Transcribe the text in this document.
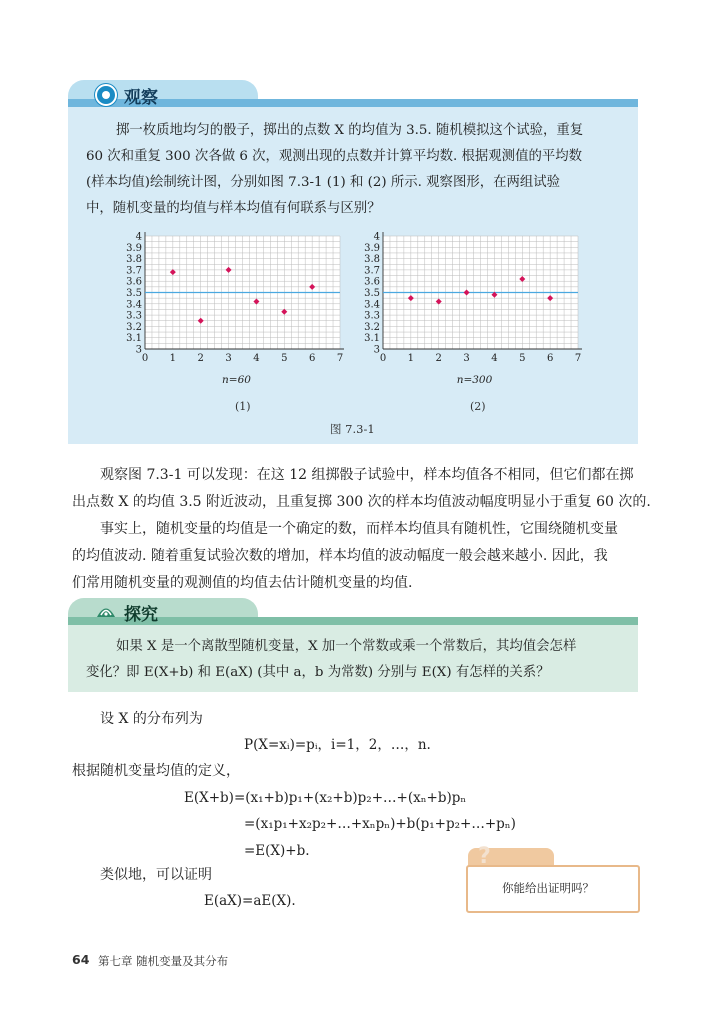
观察
掷一枚质地均匀的骰子，掷出的点数 X 的均值为 3.5. 随机模拟这个试验，重复
60 次和重复 300 次各做 6 次，观测出现的点数并计算平均数. 根据观测值的平均数
(样本均值)绘制统计图，分别如图 7.3-1 (1) 和 (2) 所示. 观察图形，在两组试验
中，随机变量的均值与样本均值有何联系与区别？
3
3.1
3.2
3.3
3.4
3.5
3.6
3.7
3.8
3.9
4
0 1 2 3 4 5 6 7
n=60
3
3.1
3.2
3.3
3.4
3.5
3.6
3.7
3.8
3.9
4
0 1 2 3 4 5 6 7
n=300
(1)	(2)
图 7.3-1
观察图 7.3-1 可以发现：在这 12 组掷骰子试验中，样本均值各不相同，但它们都在掷
出点数 X 的均值 3.5 附近波动，且重复掷 300 次的样本均值波动幅度明显小于重复 60 次的.
事实上，随机变量的均值是一个确定的数，而样本均值具有随机性，它围绕随机变量
的均值波动. 随着重复试验次数的增加，样本均值的波动幅度一般会越来越小. 因此，我
们常用随机变量的观测值的均值去估计随机变量的均值.
探究
如果 X 是一个离散型随机变量，X 加一个常数或乘一个常数后，其均值会怎样
变化？即 E(X+b) 和 E(aX) (其中 a，b 为常数) 分别与 E(X) 有怎样的关系？
设 X 的分布列为
P(X=xᵢ)=pᵢ，i=1，2，…，n.
根据随机变量均值的定义，
E(X+b)=(x₁+b)p₁+(x₂+b)p₂+…+(xₙ+b)pₙ
=(x₁p₁+x₂p₂+…+xₙpₙ)+b(p₁+p₂+…+pₙ)
=E(X)+b.
类似地，可以证明
E(aX)=aE(X).
?
你能给出证明吗？
64 第七章 随机变量及其分布
